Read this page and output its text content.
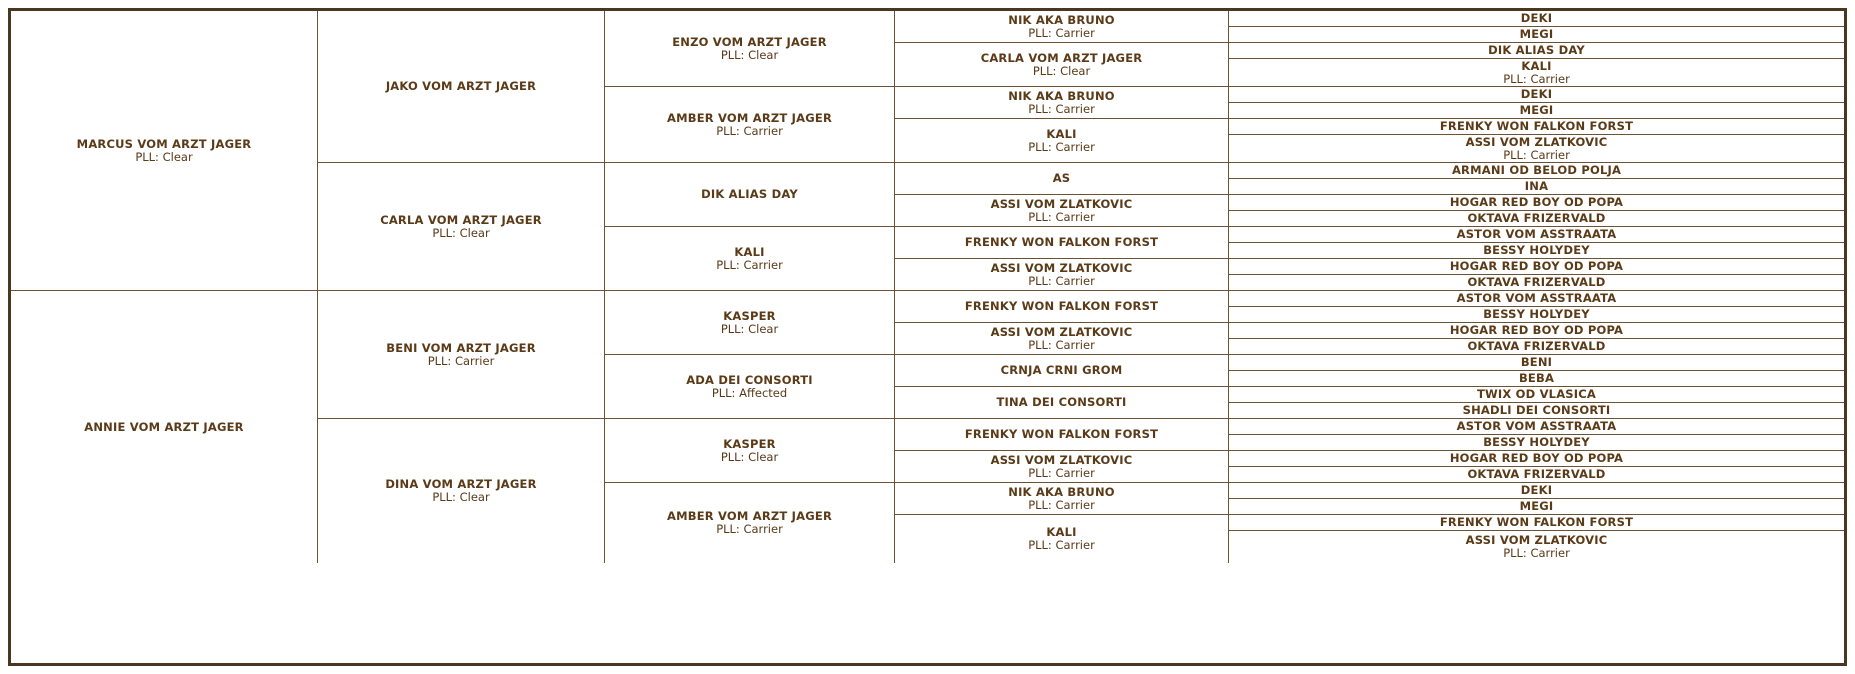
MARCUS VOM ARZT JAGER
PLL: Clear
ANNIE VOM ARZT JAGER
JAKO VOM ARZT JAGER
CARLA VOM ARZT JAGER
PLL: Clear
BENI VOM ARZT JAGER
PLL: Carrier
DINA VOM ARZT JAGER
PLL: Clear
ENZO VOM ARZT JAGER
PLL: Clear
AMBER VOM ARZT JAGER
PLL: Carrier
DIK ALIAS DAY
KALI
PLL: Carrier
KASPER
PLL: Clear
ADA DEI CONSORTI
PLL: Affected
KASPER
PLL: Clear
AMBER VOM ARZT JAGER
PLL: Carrier
NIK AKA BRUNO
PLL: Carrier
CARLA VOM ARZT JAGER
PLL: Clear
NIK AKA BRUNO
PLL: Carrier
KALI
PLL: Carrier
AS
ASSI VOM ZLATKOVIC
PLL: Carrier
FRENKY WON FALKON FORST
ASSI VOM ZLATKOVIC
PLL: Carrier
FRENKY WON FALKON FORST
ASSI VOM ZLATKOVIC
PLL: Carrier
CRNJA CRNI GROM
TINA DEI CONSORTI
FRENKY WON FALKON FORST
ASSI VOM ZLATKOVIC
PLL: Carrier
NIK AKA BRUNO
PLL: Carrier
KALI
PLL: Carrier
DEKI
MEGI
DIK ALIAS DAY
KALI
PLL: Carrier
DEKI
MEGI
FRENKY WON FALKON FORST
ASSI VOM ZLATKOVIC
PLL: Carrier
ARMANI OD BELOD POLJA
INA
HOGAR RED BOY OD POPA
OKTAVA FRIZERVALD
ASTOR VOM ASSTRAATA
BESSY HOLYDEY
HOGAR RED BOY OD POPA
OKTAVA FRIZERVALD
ASTOR VOM ASSTRAATA
BESSY HOLYDEY
HOGAR RED BOY OD POPA
OKTAVA FRIZERVALD
BENI
BEBA
TWIX OD VLASICA
SHADLI DEI CONSORTI
ASTOR VOM ASSTRAATA
BESSY HOLYDEY
HOGAR RED BOY OD POPA
OKTAVA FRIZERVALD
DEKI
MEGI
FRENKY WON FALKON FORST
ASSI VOM ZLATKOVIC
PLL: Carrier
